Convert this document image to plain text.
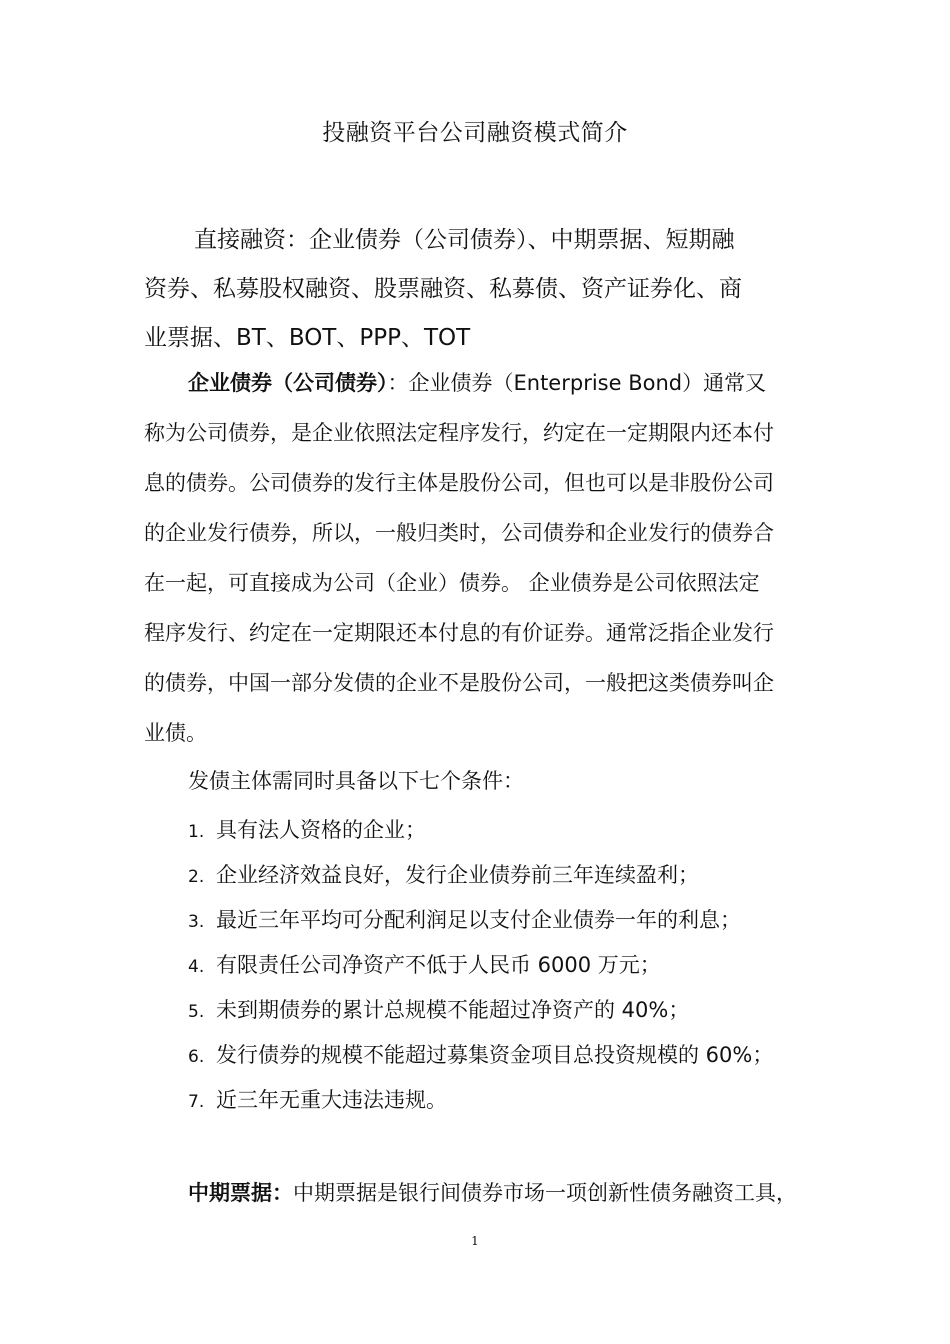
投融资平台公司融资模式简介
直接融资：企业债券（公司债券）、中期票据、短期融
资券、私募股权融资、股票融资、私募债、资产证券化、商
业票据、BT、BOT、PPP、TOT
企业债券（公司债券）：企业债券（Enterprise Bond）通常又
称为公司债券，是企业依照法定程序发行，约定在一定期限内还本付
息的债券。公司债券的发行主体是股份公司，但也可以是非股份公司
的企业发行债券，所以，一般归类时，公司债券和企业发行的债券合
在一起，可直接成为公司（企业）债券。 企业债券是公司依照法定
程序发行、约定在一定期限还本付息的有价证券。通常泛指企业发行
的债券，中国一部分发债的企业不是股份公司，一般把这类债券叫企
业债。
发债主体需同时具备以下七个条件：
1. 具有法人资格的企业；
2. 企业经济效益良好，发行企业债券前三年连续盈利；
3. 最近三年平均可分配利润足以支付企业债券一年的利息；
4. 有限责任公司净资产不低于人民币 6000 万元；
5. 未到期债券的累计总规模不能超过净资产的 40%；
6. 发行债券的规模不能超过募集资金项目总投资规模的 60%；
7. 近三年无重大违法违规。
中期票据：中期票据是银行间债券市场一项创新性债务融资工具，
1
